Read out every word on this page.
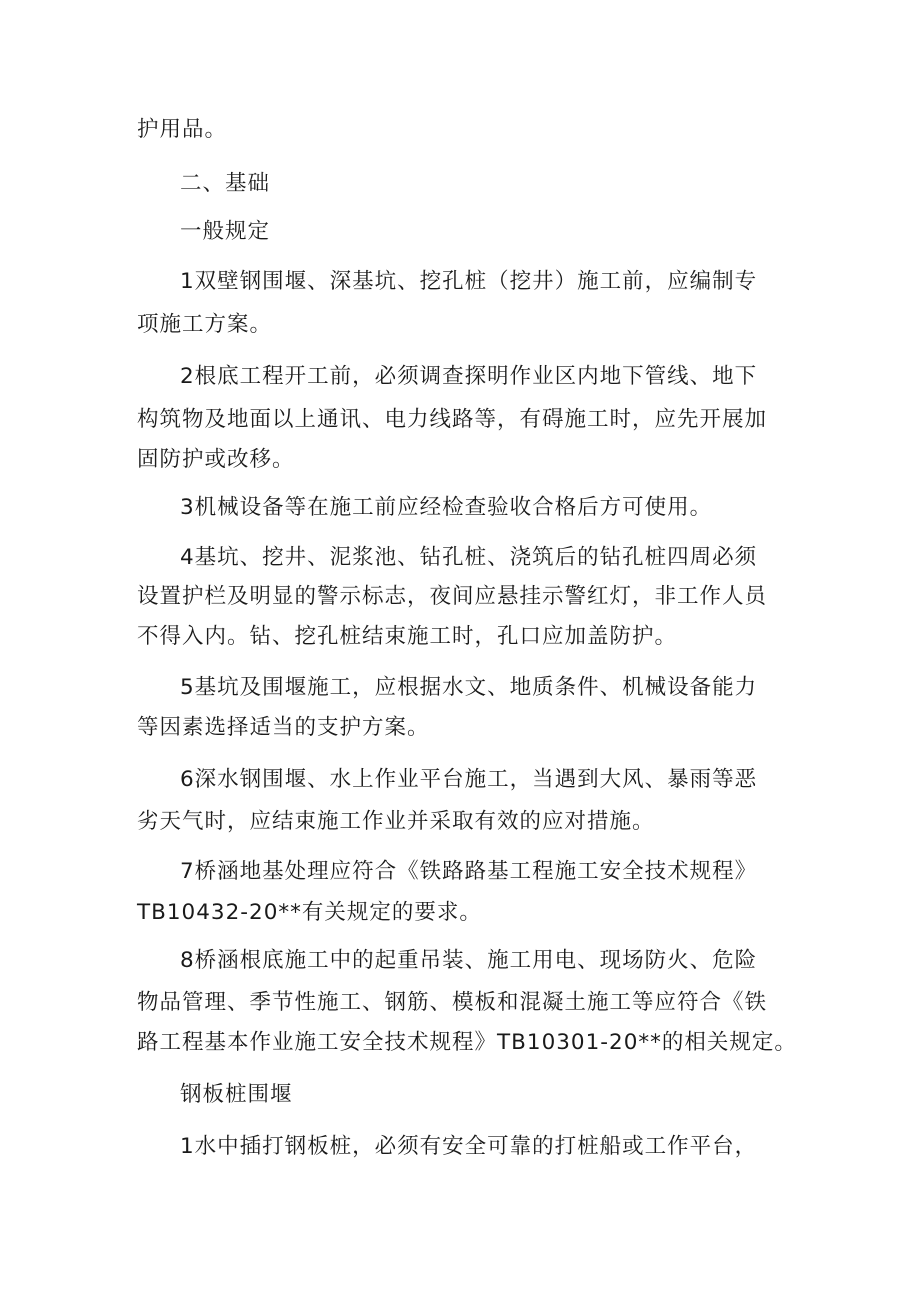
护用品。
二、基础
一般规定
1双壁钢围堰、深基坑、挖孔桩（挖井）施工前，应编制专
项施工方案。
2根底工程开工前，必须调查探明作业区内地下管线、地下
构筑物及地面以上通讯、电力线路等，有碍施工时，应先开展加
固防护或改移。
3机械设备等在施工前应经检查验收合格后方可使用。
4基坑、挖井、泥浆池、钻孔桩、浇筑后的钻孔桩四周必须
设置护栏及明显的警示标志，夜间应悬挂示警红灯，非工作人员
不得入内。钻、挖孔桩结束施工时，孔口应加盖防护。
5基坑及围堰施工，应根据水文、地质条件、机械设备能力
等因素选择适当的支护方案。
6深水钢围堰、水上作业平台施工，当遇到大风、暴雨等恶
劣天气时，应结束施工作业并采取有效的应对措施。
7桥涵地基处理应符合《铁路路基工程施工安全技术规程》
TB10432-20**有关规定的要求。
8桥涵根底施工中的起重吊装、施工用电、现场防火、危险
物品管理、季节性施工、钢筋、模板和混凝土施工等应符合《铁
路工程基本作业施工安全技术规程》TB10301-20**的相关规定。
钢板桩围堰
1水中插打钢板桩，必须有安全可靠的打桩船或工作平台，
